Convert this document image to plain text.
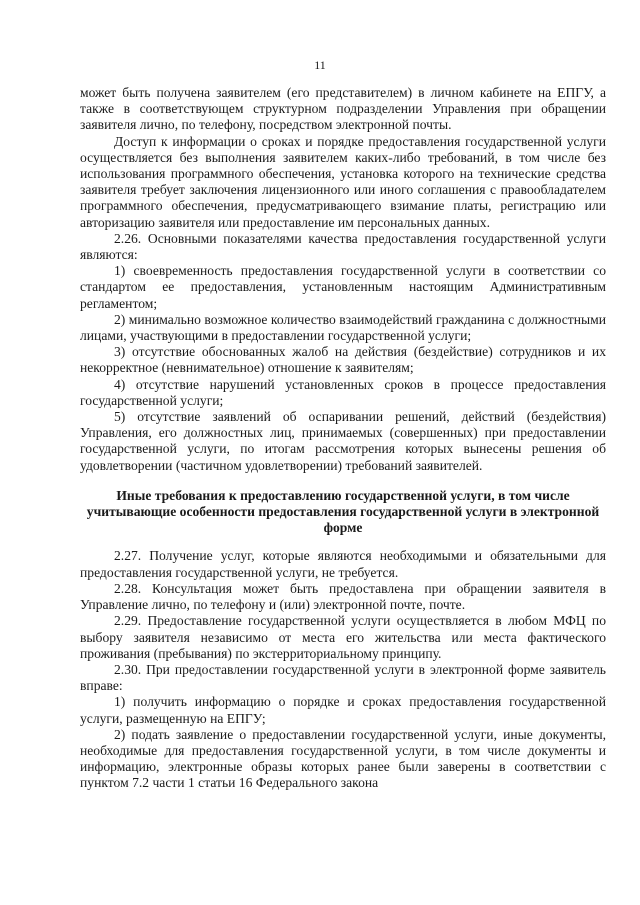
11

может быть получена заявителем (его представителем) в личном кабинете на ЕПГУ, а также в соответствующем структурном подразделении Управления при обращении заявителя лично, по телефону, посредством электронной почты.

Доступ к информации о сроках и порядке предоставления государственной услуги осуществляется без выполнения заявителем каких-либо требований, в том числе без использования программного обеспечения, установка которого на технические средства заявителя требует заключения лицензионного или иного соглашения с правообладателем программного обеспечения, предусматривающего взимание платы, регистрацию или авторизацию заявителя или предоставление им персональных данных.

2.26. Основными показателями качества предоставления государственной услуги являются:

1) своевременность предоставления государственной услуги в соответствии со стандартом ее предоставления, установленным настоящим Административным регламентом;

2) минимально возможное количество взаимодействий гражданина с должностными лицами, участвующими в предоставлении государственной услуги;

3) отсутствие обоснованных жалоб на действия (бездействие) сотрудников и их некорректное (невнимательное) отношение к заявителям;

4) отсутствие нарушений установленных сроков в процессе предоставления государственной услуги;

5) отсутствие заявлений об оспаривании решений, действий (бездействия) Управления, его должностных лиц, принимаемых (совершенных) при предоставлении государственной услуги, по итогам рассмотрения которых вынесены решения об удовлетворении (частичном удовлетворении) требований заявителей.

Иные требования к предоставлению государственной услуги, в том числе учитывающие особенности предоставления государственной услуги в электронной форме

2.27. Получение услуг, которые являются необходимыми и обязательными для предоставления государственной услуги, не требуется.

2.28. Консультация может быть предоставлена при обращении заявителя в Управление лично, по телефону и (или) электронной почте, почте.

2.29. Предоставление государственной услуги осуществляется в любом МФЦ по выбору заявителя независимо от места его жительства или места фактического проживания (пребывания) по экстерриториальному принципу.

2.30. При предоставлении государственной услуги в электронной форме заявитель вправе:

1) получить информацию о порядке и сроках предоставления государственной услуги, размещенную на ЕПГУ;

2) подать заявление о предоставлении государственной услуги, иные документы, необходимые для предоставления государственной услуги, в том числе документы и информацию, электронные образы которых ранее были заверены в соответствии с пунктом 7.2 части 1 статьи 16 Федерального закона
